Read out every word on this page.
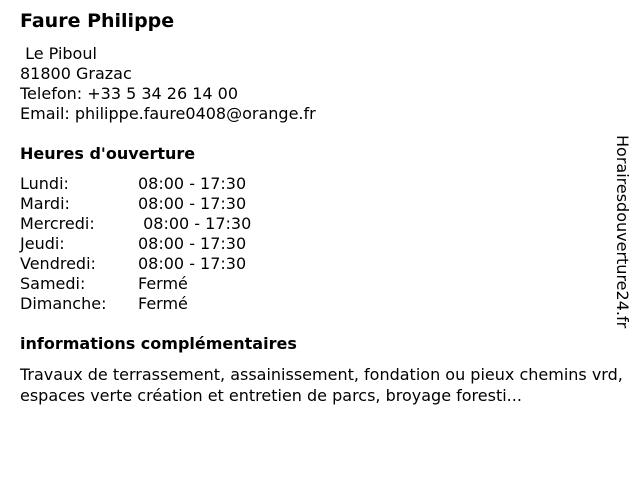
Faure Philippe
Le Piboul
81800 Grazac
Telefon: +33 5 34 26 14 00
Email: philippe.faure0408@orange.fr
Heures d'ouverture
Lundi:	08:00 - 17:30
Mardi:	08:00 - 17:30
Mercredi:	08:00 - 17:30
Jeudi:	08:00 - 17:30
Vendredi:	08:00 - 17:30
Samedi:	Fermé
Dimanche:	Fermé
informations complémentaires
Travaux de terrassement, assainissement, fondation ou pieux chemins vrd, espaces verte création et entretien de parcs, broyage foresti...
Horairesdouverture24.fr
